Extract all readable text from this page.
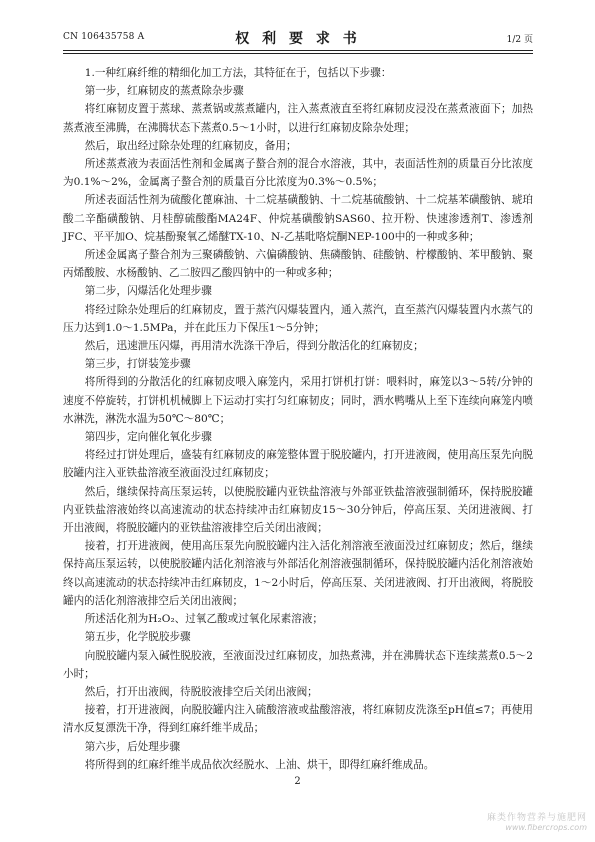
CN 106435758 A	权 利 要 求 书	1/2 页

1.一种红麻纤维的精细化加工方法，其特征在于，包括以下步骤：

第一步，红麻韧皮的蒸煮除杂步骤

将红麻韧皮置于蒸球、蒸煮锅或蒸煮罐内，注入蒸煮液直至将红麻韧皮浸没在蒸煮液面下；加热蒸煮液至沸腾，在沸腾状态下蒸煮0.5～1小时，以进行红麻韧皮除杂处理；

然后，取出经过除杂处理的红麻韧皮，备用；

所述蒸煮液为表面活性剂和金属离子螯合剂的混合水溶液，其中，表面活性剂的质量百分比浓度为0.1%～2%，金属离子螯合剂的质量百分比浓度为0.3%～0.5%；

所述表面活性剂为硫酸化蓖麻油、十二烷基磺酸钠、十二烷基硫酸钠、十二烷基苯磺酸钠、琥珀酸二辛酯磺酸钠、月桂醇硫酸酯MA24F、仲烷基磺酸钠SAS60、拉开粉、快速渗透剂T、渗透剂JFC、平平加O、烷基酚聚氧乙烯醚TX-10、N-乙基吡咯烷酮NEP-100中的一种或多种；

所述金属离子螯合剂为三聚磷酸钠、六偏磷酸钠、焦磷酸钠、硅酸钠、柠檬酸钠、苯甲酸钠、聚丙烯酸胺、水杨酸钠、乙二胺四乙酸四钠中的一种或多种；

第二步，闪爆活化处理步骤

将经过除杂处理后的红麻韧皮，置于蒸汽闪爆装置内，通入蒸汽，直至蒸汽闪爆装置内水蒸气的压力达到1.0～1.5MPa，并在此压力下保压1～5分钟；

然后，迅速泄压闪爆，再用清水洗涤干净后，得到分散活化的红麻韧皮；

第三步，打饼装笼步骤

将所得到的分散活化的红麻韧皮喂入麻笼内，采用打饼机打饼：喂料时，麻笼以3～5转/分钟的速度不停旋转，打饼机机械脚上下运动打实打匀红麻韧皮；同时，洒水鸭嘴从上至下连续向麻笼内喷水淋洗，淋洗水温为50℃～80℃；

第四步，定向催化氧化步骤

将经过打饼处理后，盛装有红麻韧皮的麻笼整体置于脱胶罐内，打开进液阀，使用高压泵先向脱胶罐内注入亚铁盐溶液至液面没过红麻韧皮；

然后，继续保持高压泵运转，以使脱胶罐内亚铁盐溶液与外部亚铁盐溶液强制循环，保持脱胶罐内亚铁盐溶液始终以高速流动的状态持续冲击红麻韧皮15～30分钟后，停高压泵、关闭进液阀、打开出液阀，将脱胶罐内的亚铁盐溶液排空后关闭出液阀；

接着，打开进液阀，使用高压泵先向脱胶罐内注入活化剂溶液至液面没过红麻韧皮；然后，继续保持高压泵运转，以使脱胶罐内活化剂溶液与外部活化剂溶液强制循环，保持脱胶罐内活化剂溶液始终以高速流动的状态持续冲击红麻韧皮，1～2小时后，停高压泵、关闭进液阀、打开出液阀，将脱胶罐内的活化剂溶液排空后关闭出液阀；

所述活化剂为H₂O₂、过氧乙酸或过氧化尿素溶液；

第五步，化学脱胶步骤

向脱胶罐内泵入碱性脱胶液，至液面没过红麻韧皮，加热煮沸，并在沸腾状态下连续蒸煮0.5～2小时；

然后，打开出液阀，待脱胶液排空后关闭出液阀；

接着，打开进液阀，向脱胶罐内注入硫酸溶液或盐酸溶液，将红麻韧皮洗涤至pH值≤7；再使用清水反复漂洗干净，得到红麻纤维半成品；

第六步，后处理步骤

将所得到的红麻纤维半成品依次经脱水、上油、烘干，即得红麻纤维成品。

2
麻类作物营养与施肥网
www.fibercrops.com
